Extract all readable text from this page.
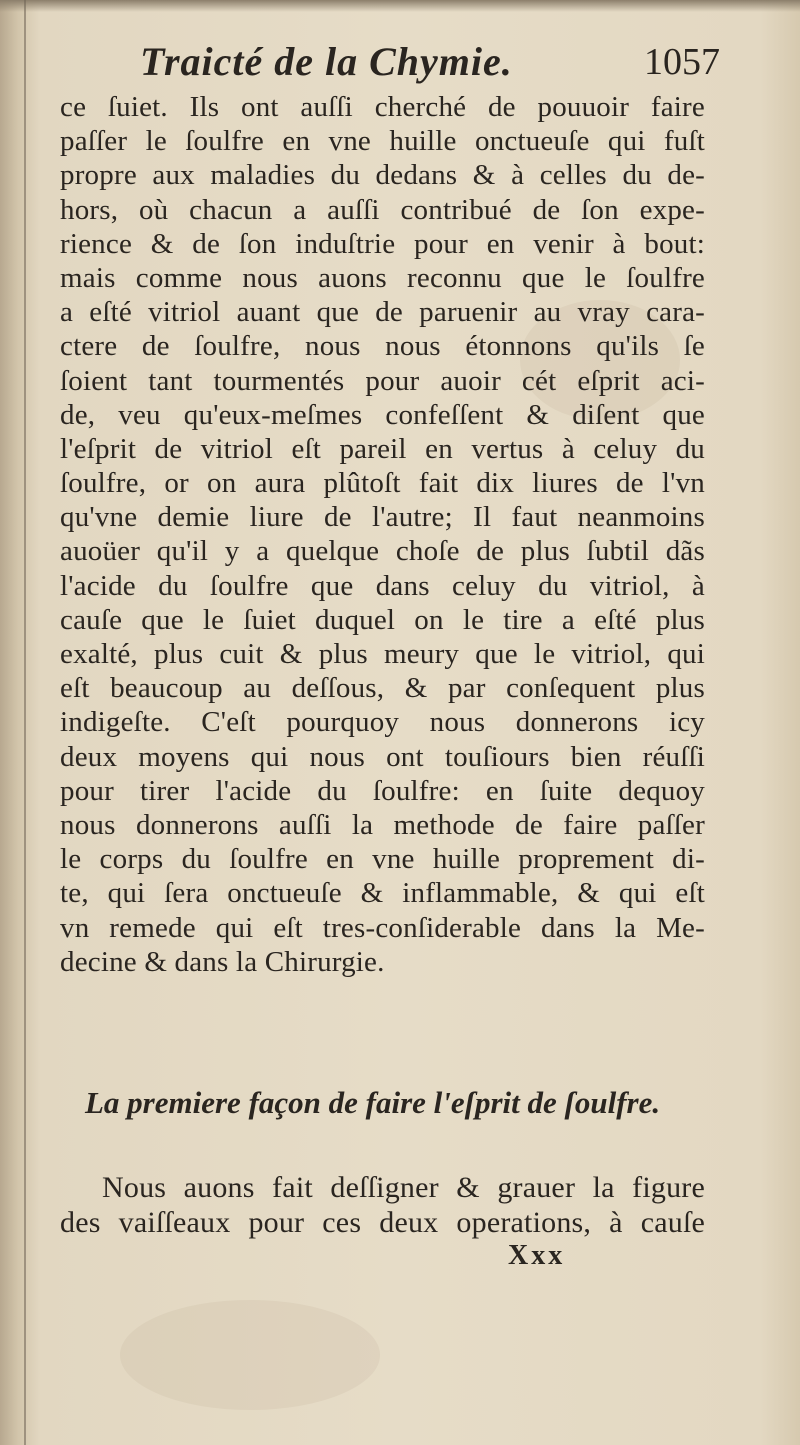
Traicté de la Chymie.	1057
ce ſuiet. Ils ont auſſi cherché de pouuoir faire
paſſer le ſoulfre en vne huille onctueuſe qui fuſt
propre aux maladies du dedans & à celles du de-
hors, où chacun a auſſi contribué de ſon expe-
rience & de ſon induſtrie pour en venir à bout:
mais comme nous auons reconnu que le ſoulfre
a eſté vitriol auant que de paruenir au vray cara-
ctere de ſoulfre, nous nous étonnons qu'ils ſe
ſoient tant tourmentés pour auoir cét eſprit aci-
de, veu qu'eux-meſmes confeſſent & diſent que
l'eſprit de vitriol eſt pareil en vertus à celuy du
ſoulfre, or on aura plûtoſt fait dix liures de l'vn
qu'vne demie liure de l'autre; Il faut neanmoins
auoüer qu'il y a quelque choſe de plus ſubtil dãs
l'acide du ſoulfre que dans celuy du vitriol, à
cauſe que le ſuiet duquel on le tire a eſté plus
exalté, plus cuit & plus meury que le vitriol, qui
eſt beaucoup au deſſous, & par conſequent plus
indigeſte. C'eſt pourquoy nous donnerons icy
deux moyens qui nous ont touſiours bien réuſſi
pour tirer l'acide du ſoulfre: en ſuite dequoy
nous donnerons auſſi la methode de faire paſſer
le corps du ſoulfre en vne huille proprement di-
te, qui ſera onctueuſe & inflammable, & qui eſt
vn remede qui eſt tres-conſiderable dans la Me-
decine & dans la Chirurgie.
La premiere façon de faire l'eſprit de ſoulfre.
Nous auons fait deſſigner & grauer la figure
des vaiſſeaux pour ces deux operations, à cauſe
Xxx
